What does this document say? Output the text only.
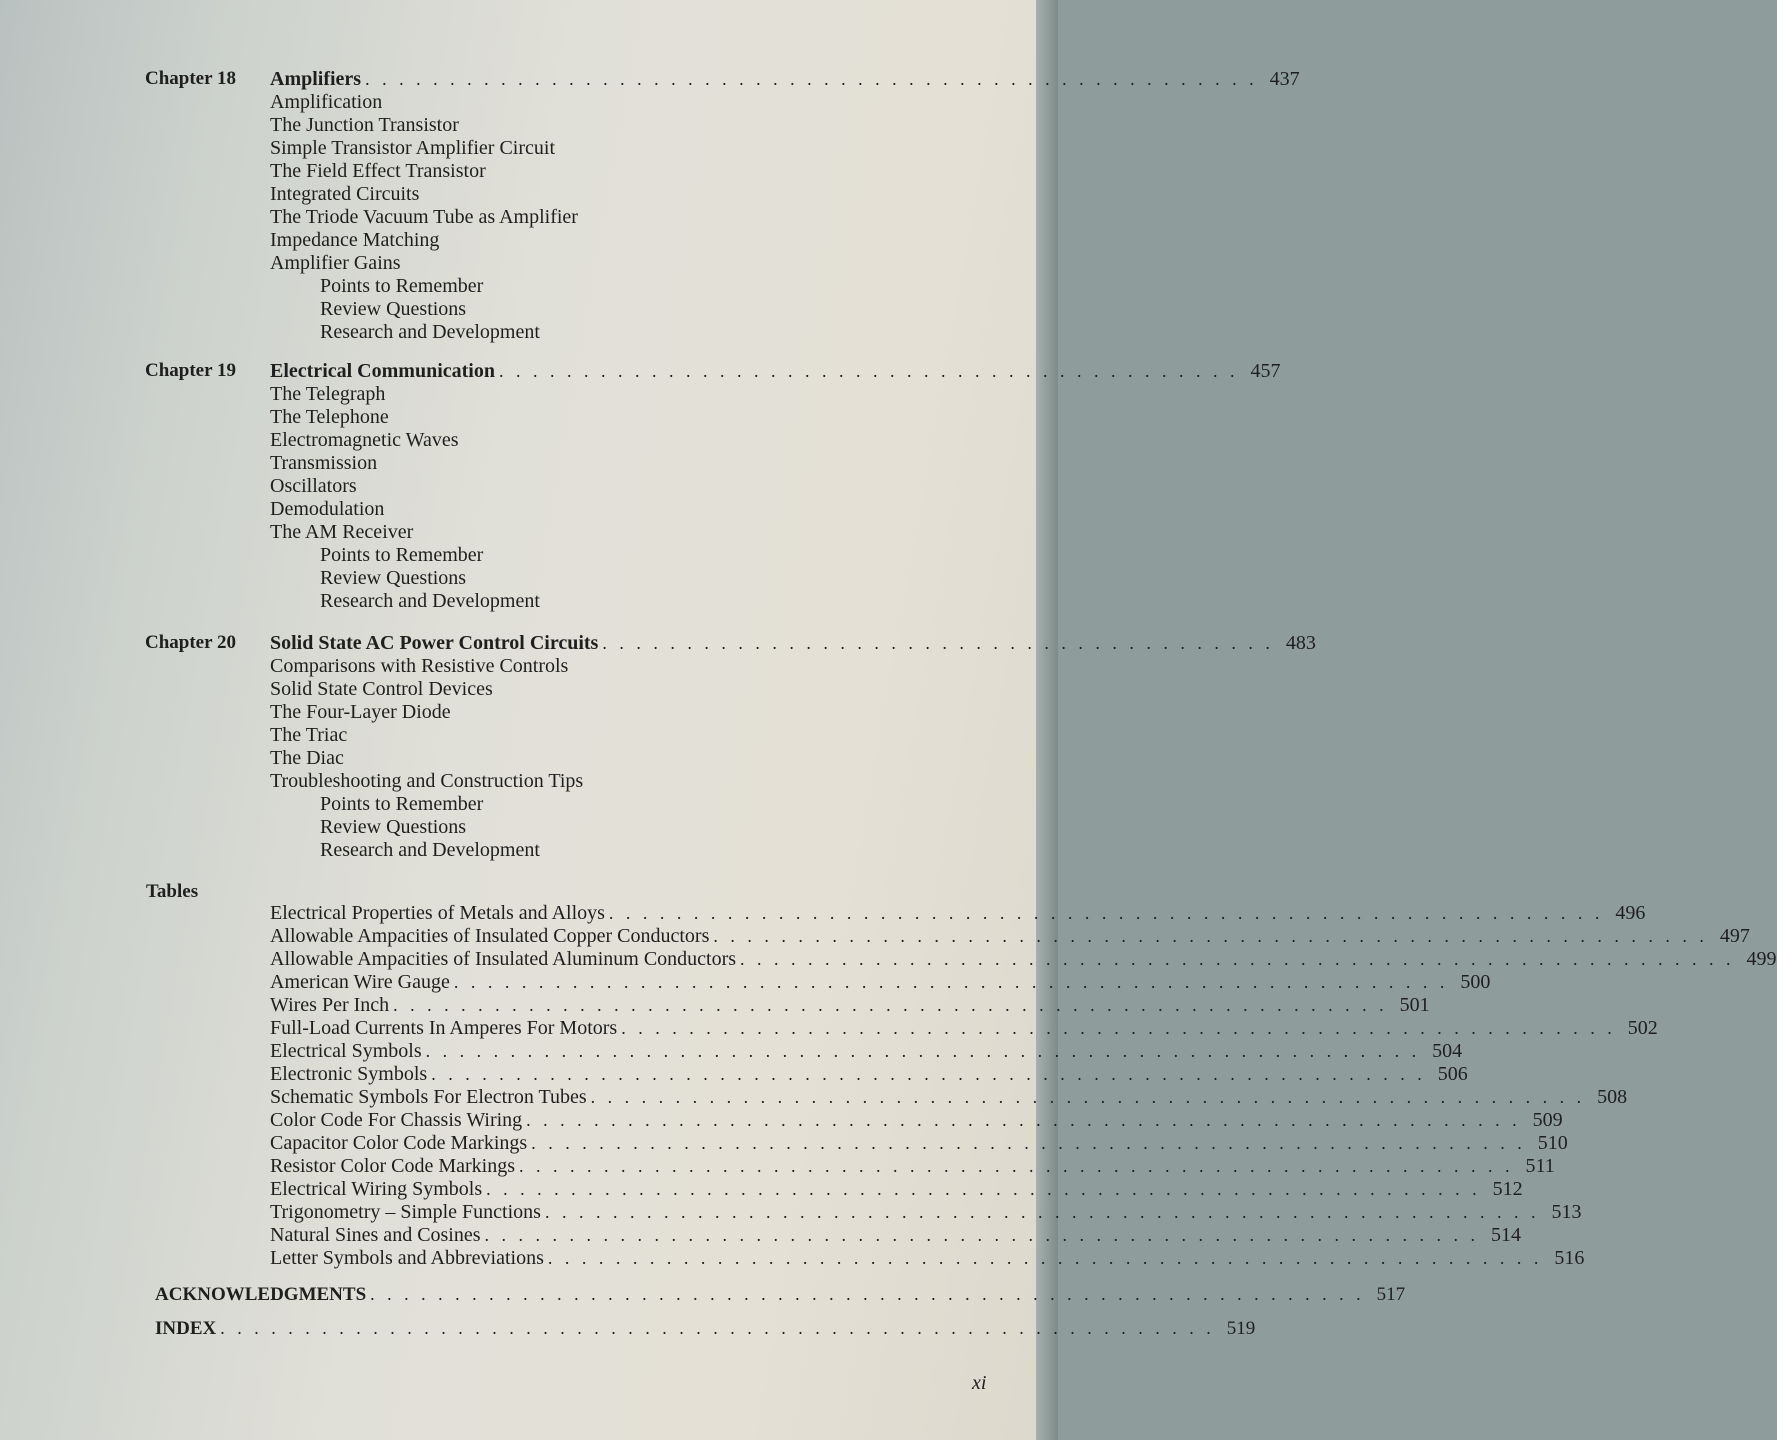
Chapter 18 Amplifiers . . . . . . . . . . . . . . . . . . . . . . . . . . . . . . . . . . . . . . . . . . . . . . . . . . . . . 437
Amplification
The Junction Transistor
Simple Transistor Amplifier Circuit
The Field Effect Transistor
Integrated Circuits
The Triode Vacuum Tube as Amplifier
Impedance Matching
Amplifier Gains
Points to Remember
Review Questions
Research and Development
Chapter 19 Electrical Communication . . . . . . . . . . . . . . . . . . . . . . . . . . . . . . . . . . . . . . . . . . . . 457
The Telegraph
The Telephone
Electromagnetic Waves
Transmission
Oscillators
Demodulation
The AM Receiver
Points to Remember
Review Questions
Research and Development
Chapter 20 Solid State AC Power Control Circuits . . . . . . . . . . . . . . . . . . . . . . . . . . . . . . . . . . . . . . . . 483
Comparisons with Resistive Controls
Solid State Control Devices
The Four-Layer Diode
The Triac
The Diac
Troubleshooting and Construction Tips
Points to Remember
Review Questions
Research and Development
Tables
Electrical Properties of Metals and Alloys . . . . . . . . . . . . . . . . . . . . . . . . . . . . . . . . . . . . . . . . . . . . . . . . . . . . . . . . . . . 496
Allowable Ampacities of Insulated Copper Conductors . . . . . . . . . . . . . . . . . . . . . . . . . . . . . . . . . . . . . . . . . . . . . . . . . . . . . . . . . . . 497
Allowable Ampacities of Insulated Aluminum Conductors . . . . . . . . . . . . . . . . . . . . . . . . . . . . . . . . . . . . . . . . . . . . . . . . . . . . . . . . . . . 499
American Wire Gauge . . . . . . . . . . . . . . . . . . . . . . . . . . . . . . . . . . . . . . . . . . . . . . . . . . . . . . . . . . . 500
Wires Per Inch . . . . . . . . . . . . . . . . . . . . . . . . . . . . . . . . . . . . . . . . . . . . . . . . . . . . . . . . . . . 501
Full-Load Currents In Amperes For Motors . . . . . . . . . . . . . . . . . . . . . . . . . . . . . . . . . . . . . . . . . . . . . . . . . . . . . . . . . . . 502
Electrical Symbols . . . . . . . . . . . . . . . . . . . . . . . . . . . . . . . . . . . . . . . . . . . . . . . . . . . . . . . . . . . 504
Electronic Symbols . . . . . . . . . . . . . . . . . . . . . . . . . . . . . . . . . . . . . . . . . . . . . . . . . . . . . . . . . . . 506
Schematic Symbols For Electron Tubes . . . . . . . . . . . . . . . . . . . . . . . . . . . . . . . . . . . . . . . . . . . . . . . . . . . . . . . . . . . 508
Color Code For Chassis Wiring . . . . . . . . . . . . . . . . . . . . . . . . . . . . . . . . . . . . . . . . . . . . . . . . . . . . . . . . . . . 509
Capacitor Color Code Markings . . . . . . . . . . . . . . . . . . . . . . . . . . . . . . . . . . . . . . . . . . . . . . . . . . . . . . . . . . . 510
Resistor Color Code Markings . . . . . . . . . . . . . . . . . . . . . . . . . . . . . . . . . . . . . . . . . . . . . . . . . . . . . . . . . . . 511
Electrical Wiring Symbols . . . . . . . . . . . . . . . . . . . . . . . . . . . . . . . . . . . . . . . . . . . . . . . . . . . . . . . . . . . 512
Trigonometry – Simple Functions . . . . . . . . . . . . . . . . . . . . . . . . . . . . . . . . . . . . . . . . . . . . . . . . . . . . . . . . . . . 513
Natural Sines and Cosines . . . . . . . . . . . . . . . . . . . . . . . . . . . . . . . . . . . . . . . . . . . . . . . . . . . . . . . . . . . 514
Letter Symbols and Abbreviations . . . . . . . . . . . . . . . . . . . . . . . . . . . . . . . . . . . . . . . . . . . . . . . . . . . . . . . . . . . 516
ACKNOWLEDGMENTS . . . . . . . . . . . . . . . . . . . . . . . . . . . . . . . . . . . . . . . . . . . . . . . . . . . . . . . . . . . 517
INDEX . . . . . . . . . . . . . . . . . . . . . . . . . . . . . . . . . . . . . . . . . . . . . . . . . . . . . . . . . . . 519
xi
